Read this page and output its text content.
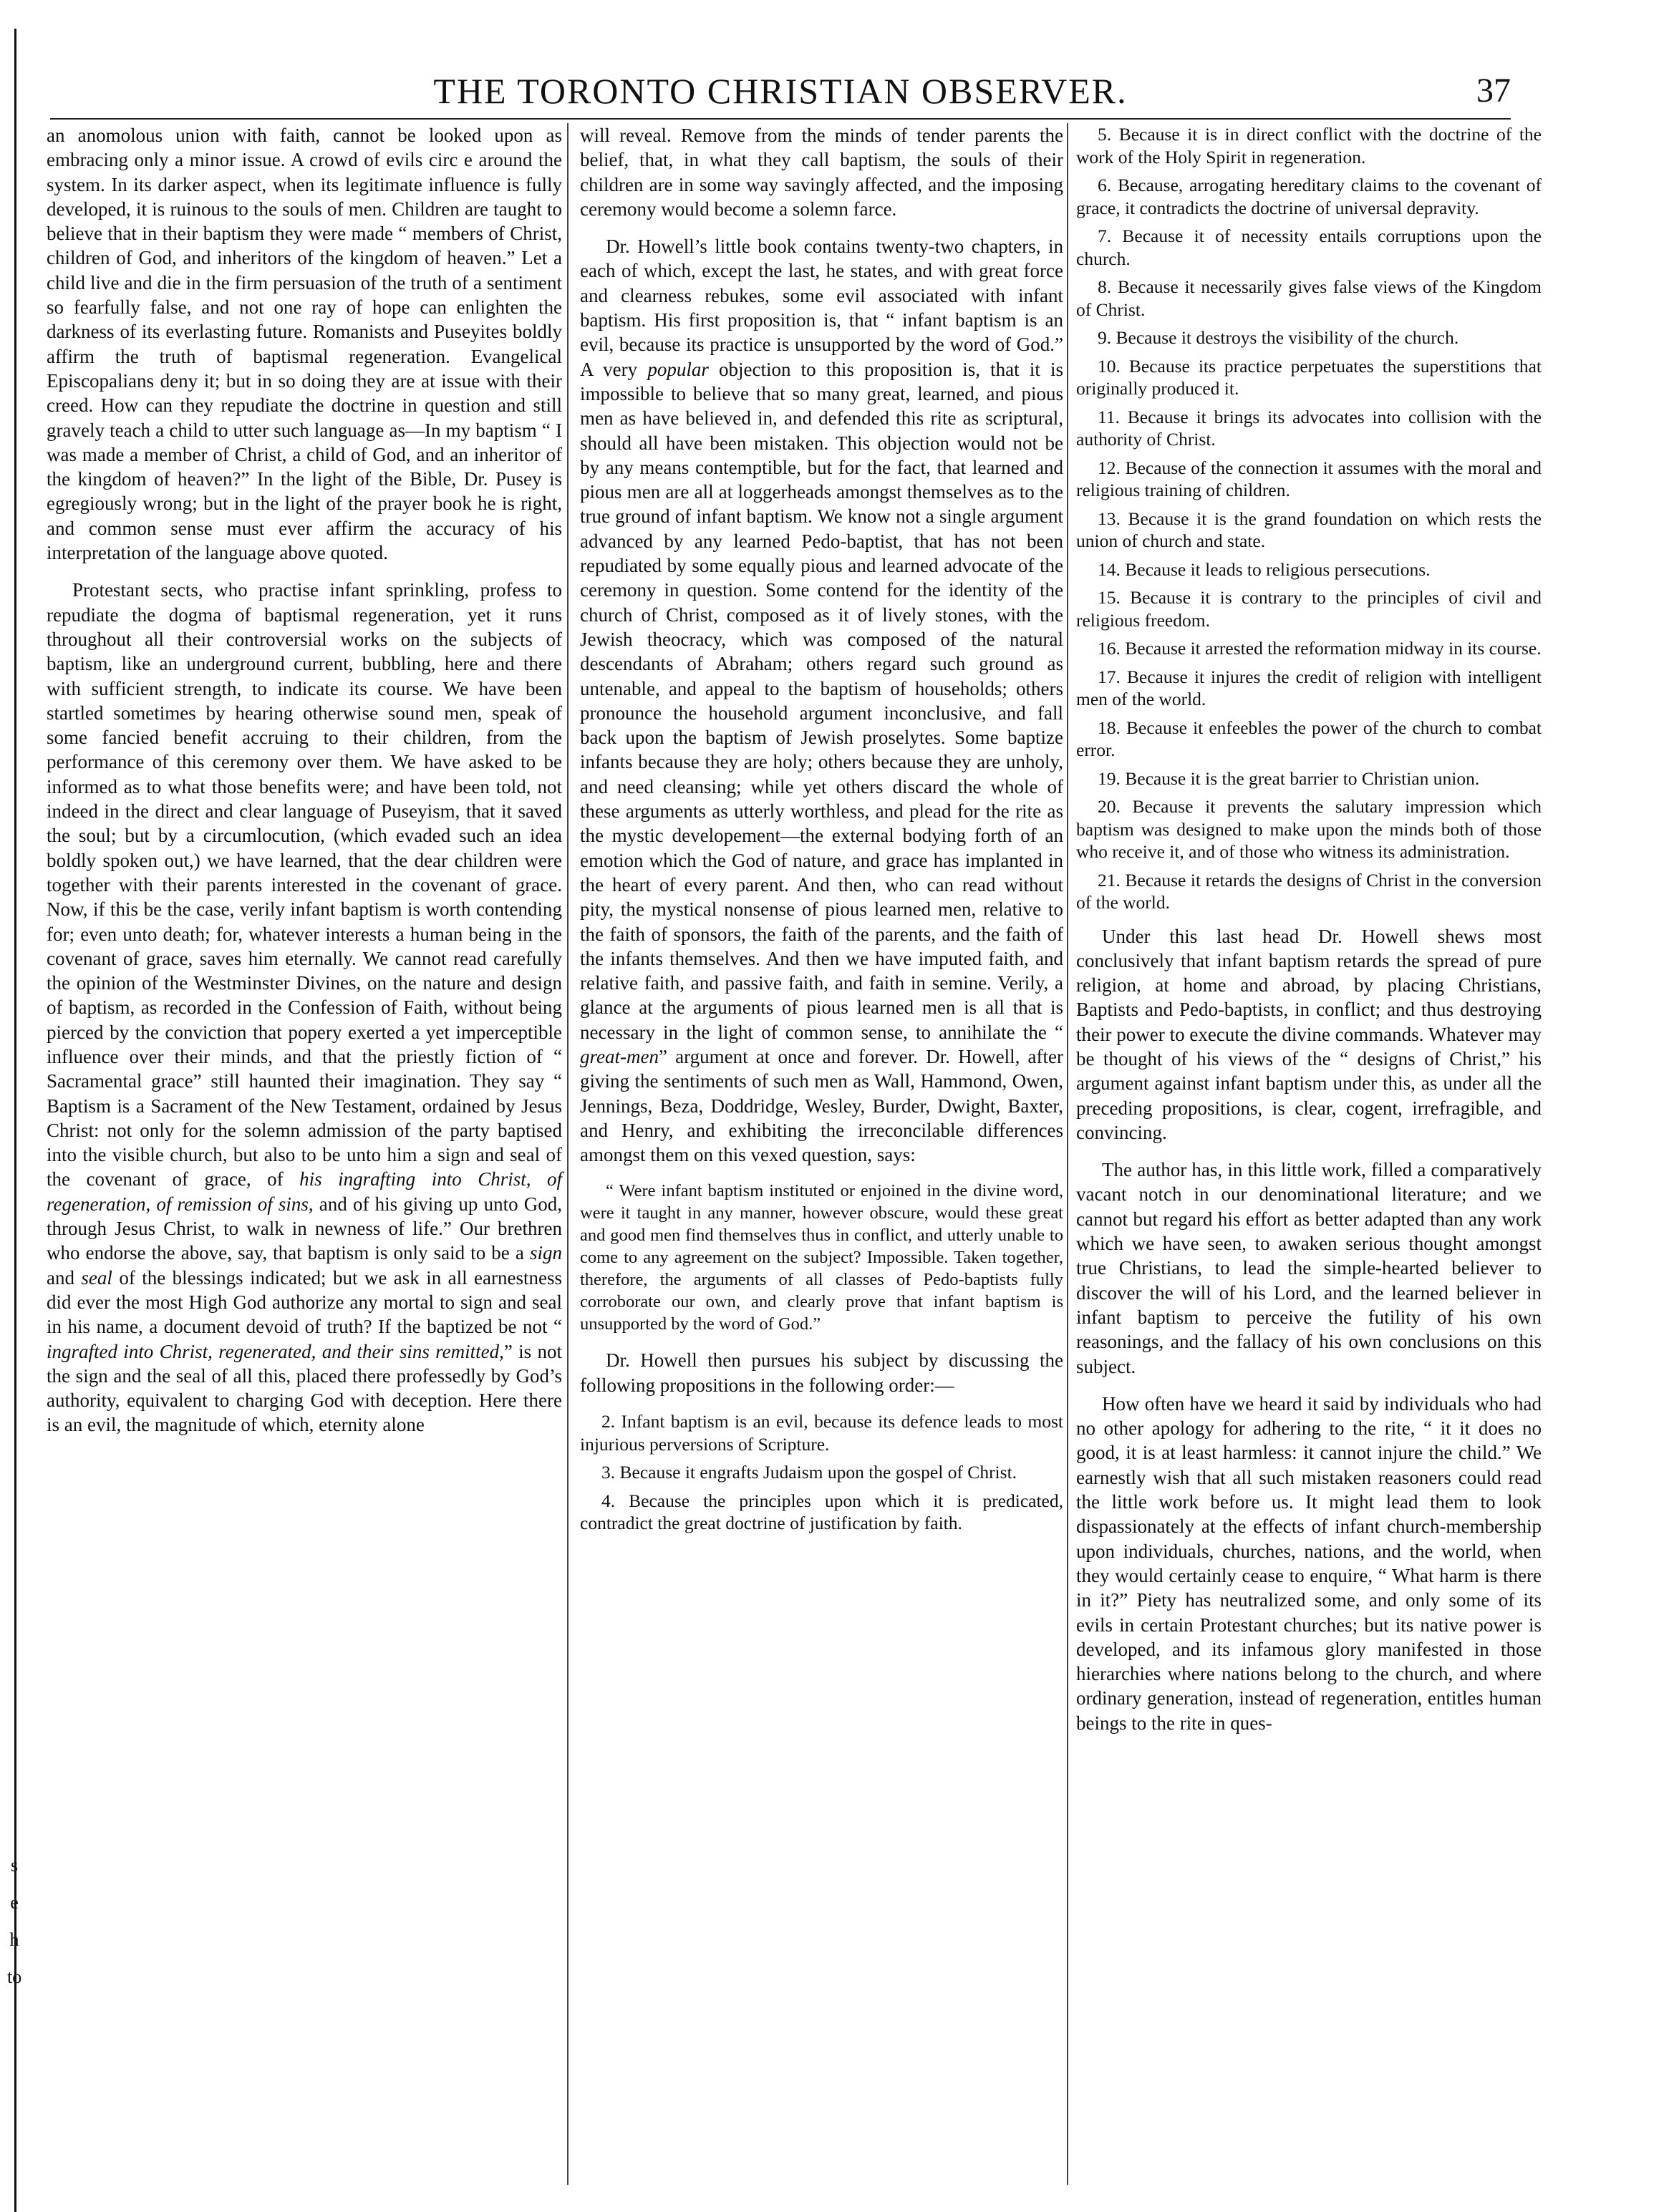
THE TORONTO CHRISTIAN OBSERVER.	37

an anomolous union with faith, cannot be looked upon as embracing only a minor issue. A crowd of evils circ e around the system. In its darker aspect, when its legitimate influence is fully developed, it is ruinous to the souls of men. Children are taught to believe that in their baptism they were made “ members of Christ, children of God, and inheritors of the kingdom of heaven.” Let a child live and die in the firm persuasion of the truth of a sentiment so fearfully false, and not one ray of hope can enlighten the darkness of its everlasting future. Romanists and Puseyites boldly affirm the truth of baptismal regeneration. Evangelical Episcopalians deny it; but in so doing they are at issue with their creed. How can they repudiate the doctrine in question and still gravely teach a child to utter such language as—In my baptism “ I was made a member of Christ, a child of God, and an inheritor of the kingdom of heaven?” In the light of the Bible, Dr. Pusey is egregiously wrong; but in the light of the prayer book he is right, and common sense must ever affirm the accuracy of his interpretation of the language above quoted.

Protestant sects, who practise infant sprinkling, profess to repudiate the dogma of baptismal regeneration, yet it runs throughout all their controversial works on the subjects of baptism, like an underground current, bubbling, here and there with sufficient strength, to indicate its course. We have been startled sometimes by hearing otherwise sound men, speak of some fancied benefit accruing to their children, from the performance of this ceremony over them. We have asked to be informed as to what those benefits were; and have been told, not indeed in the direct and clear language of Puseyism, that it saved the soul; but by a circumlocution, (which evaded such an idea boldly spoken out,) we have learned, that the dear children were together with their parents interested in the covenant of grace. Now, if this be the case, verily infant baptism is worth contending for; even unto death; for, whatever interests a human being in the covenant of grace, saves him eternally. We cannot read carefully the opinion of the Westminster Divines, on the nature and design of baptism, as recorded in the Confession of Faith, without being pierced by the conviction that popery exerted a yet imperceptible influence over their minds, and that the priestly fiction of “ Sacramental grace” still haunted their imagination. They say “ Baptism is a Sacrament of the New Testament, ordained by Jesus Christ: not only for the solemn admission of the party baptised into the visible church, but also to be unto him a sign and seal of the covenant of grace, of his ingrafting into Christ, of regeneration, of remission of sins, and of his giving up unto God, through Jesus Christ, to walk in newness of life.” Our brethren who endorse the above, say, that baptism is only said to be a sign and seal of the blessings indicated; but we ask in all earnestness did ever the most High God authorize any mortal to sign and seal in his name, a document devoid of truth? If the baptized be not “ ingrafted into Christ, regenerated, and their sins remitted,” is not the sign and the seal of all this, placed there professedly by God’s authority, equivalent to charging God with deception. Here there is an evil, the magnitude of which, eternity alone

will reveal. Remove from the minds of tender parents the belief, that, in what they call baptism, the souls of their children are in some way savingly affected, and the imposing ceremony would become a solemn farce.

Dr. Howell’s little book contains twenty-two chapters, in each of which, except the last, he states, and with great force and clearness rebukes, some evil associated with infant baptism. His first proposition is, that “ infant baptism is an evil, because its practice is unsupported by the word of God.” A very popular objection to this proposition is, that it is impossible to believe that so many great, learned, and pious men as have believed in, and defended this rite as scriptural, should all have been mistaken. This objection would not be by any means contemptible, but for the fact, that learned and pious men are all at loggerheads amongst themselves as to the true ground of infant baptism. We know not a single argument advanced by any learned Pedo-baptist, that has not been repudiated by some equally pious and learned advocate of the ceremony in question. Some contend for the identity of the church of Christ, composed as it of lively stones, with the Jewish theocracy, which was composed of the natural descendants of Abraham; others regard such ground as untenable, and appeal to the baptism of households; others pronounce the household argument inconclusive, and fall back upon the baptism of Jewish proselytes. Some baptize infants because they are holy; others because they are unholy, and need cleansing; while yet others discard the whole of these arguments as utterly worthless, and plead for the rite as the mystic developement—the external bodying forth of an emotion which the God of nature, and grace has implanted in the heart of every parent. And then, who can read without pity, the mystical nonsense of pious learned men, relative to the faith of sponsors, the faith of the parents, and the faith of the infants themselves. And then we have imputed faith, and relative faith, and passive faith, and faith in semine. Verily, a glance at the arguments of pious learned men is all that is necessary in the light of common sense, to annihilate the “ great-men” argument at once and forever. Dr. Howell, after giving the sentiments of such men as Wall, Hammond, Owen, Jennings, Beza, Doddridge, Wesley, Burder, Dwight, Baxter, and Henry, and exhibiting the irreconcilable differences amongst them on this vexed question, says:

“ Were infant baptism instituted or enjoined in the divine word, were it taught in any manner, however obscure, would these great and good men find themselves thus in conflict, and utterly unable to come to any agreement on the subject? Impossible. Taken together, therefore, the arguments of all classes of Pedo-baptists fully corroborate our own, and clearly prove that infant baptism is unsupported by the word of God.”

Dr. Howell then pursues his subject by discussing the following propositions in the following order:—

2. Infant baptism is an evil, because its defence leads to most injurious perversions of Scripture.

3. Because it engrafts Judaism upon the gospel of Christ.

4. Because the principles upon which it is predicated, contradict the great doctrine of justification by faith.

5. Because it is in direct conflict with the doctrine of the work of the Holy Spirit in regeneration.

6. Because, arrogating hereditary claims to the covenant of grace, it contradicts the doctrine of universal depravity.

7. Because it of necessity entails corruptions upon the church.

8. Because it necessarily gives false views of the Kingdom of Christ.

9. Because it destroys the visibility of the church.

10. Because its practice perpetuates the superstitions that originally produced it.

11. Because it brings its advocates into collision with the authority of Christ.

12. Because of the connection it assumes with the moral and religious training of children.

13. Because it is the grand foundation on which rests the union of church and state.

14. Because it leads to religious persecutions.

15. Because it is contrary to the principles of civil and religious freedom.

16. Because it arrested the reformation midway in its course.

17. Because it injures the credit of religion with intelligent men of the world.

18. Because it enfeebles the power of the church to combat error.

19. Because it is the great barrier to Christian union.

20. Because it prevents the salutary impression which baptism was designed to make upon the minds both of those who receive it, and of those who witness its administration.

21. Because it retards the designs of Christ in the conversion of the world.

Under this last head Dr. Howell shews most conclusively that infant baptism retards the spread of pure religion, at home and abroad, by placing Christians, Baptists and Pedo-baptists, in conflict; and thus destroying their power to execute the divine commands. Whatever may be thought of his views of the “ designs of Christ,” his argument against infant baptism under this, as under all the preceding propositions, is clear, cogent, irrefragible, and convincing.

The author has, in this little work, filled a comparatively vacant notch in our denominational literature; and we cannot but regard his effort as better adapted than any work which we have seen, to awaken serious thought amongst true Christians, to lead the simple-hearted believer to discover the will of his Lord, and the learned believer in infant baptism to perceive the futility of his own reasonings, and the fallacy of his own conclusions on this subject.

How often have we heard it said by individuals who had no other apology for adhering to the rite, “ it it does no good, it is at least harmless: it cannot injure the child.” We earnestly wish that all such mistaken reasoners could read the little work before us. It might lead them to look dispassionately at the effects of infant church-membership upon individuals, churches, nations, and the world, when they would certainly cease to enquire, “ What harm is there in it?” Piety has neutralized some, and only some of its evils in certain Protestant churches; but its native power is developed, and its infamous glory manifested in those hierarchies where nations belong to the church, and where ordinary generation, instead of regeneration, entitles human beings to the rite in ques-

s
e
h
to
